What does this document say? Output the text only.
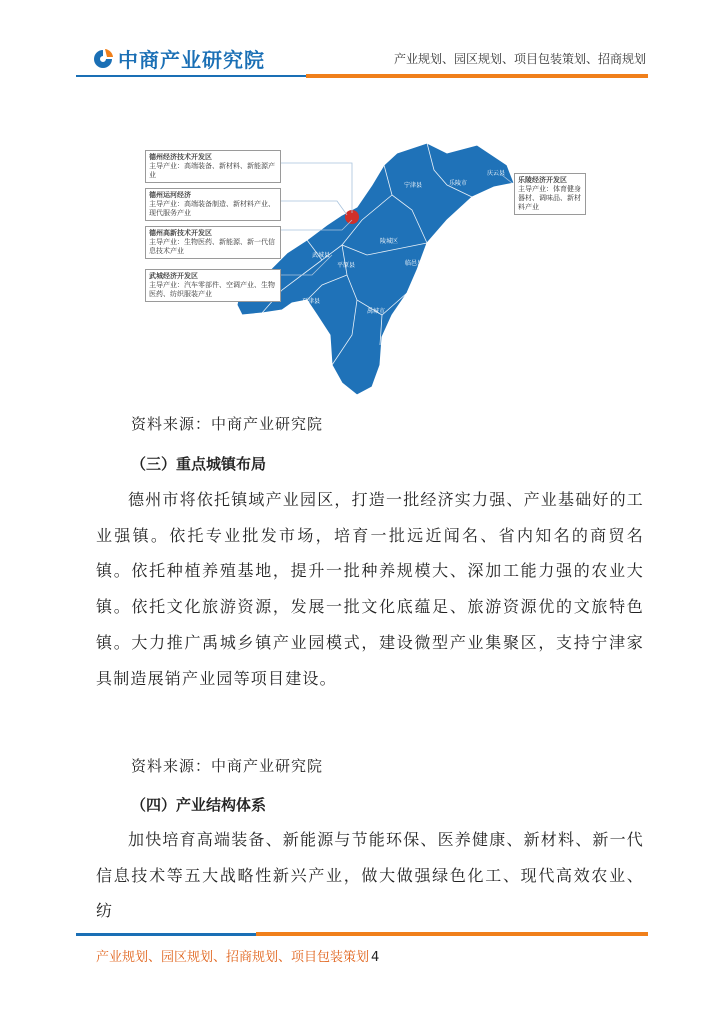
中商产业研究院	产业规划、园区规划、项目包装策划、招商规划
宁津县	乐陵市
庆云县
德城区
陵城区
武城县
平原县	临邑县
夏津县
禹城市
齐河县
德州经济技术开发区
主导产业：高端装备、新材料、新能源产业
德州运河经济
主导产业：高端装备制造、新材料产业、现代服务产业
德州高新技术开发区
主导产业：生物医药、新能源、新一代信息技术产业
武城经济开发区
主导产业：汽车零部件、空调产业、生物医药、纺织服装产业
乐陵经济开发区
主导产业：体育健身器材、调味品、新材料产业
资料来源：中商产业研究院
（三）重点城镇布局
德州市将依托镇域产业园区，打造一批经济实力强、产业基础好的工业强镇。依托专业批发市场，培育一批远近闻名、省内知名的商贸名镇。依托种植养殖基地，提升一批种养规模大、深加工能力强的农业大镇。依托文化旅游资源，发展一批文化底蕴足、旅游资源优的文旅特色镇。大力推广禹城乡镇产业园模式，建设微型产业集聚区，支持宁津家具制造展销产业园等项目建设。
资料来源：中商产业研究院
（四）产业结构体系
加快培育高端装备、新能源与节能环保、医养健康、新材料、新一代信息技术等五大战略性新兴产业，做大做强绿色化工、现代高效农业、纺
产业规划、园区规划、招商规划、项目包装策划 4
